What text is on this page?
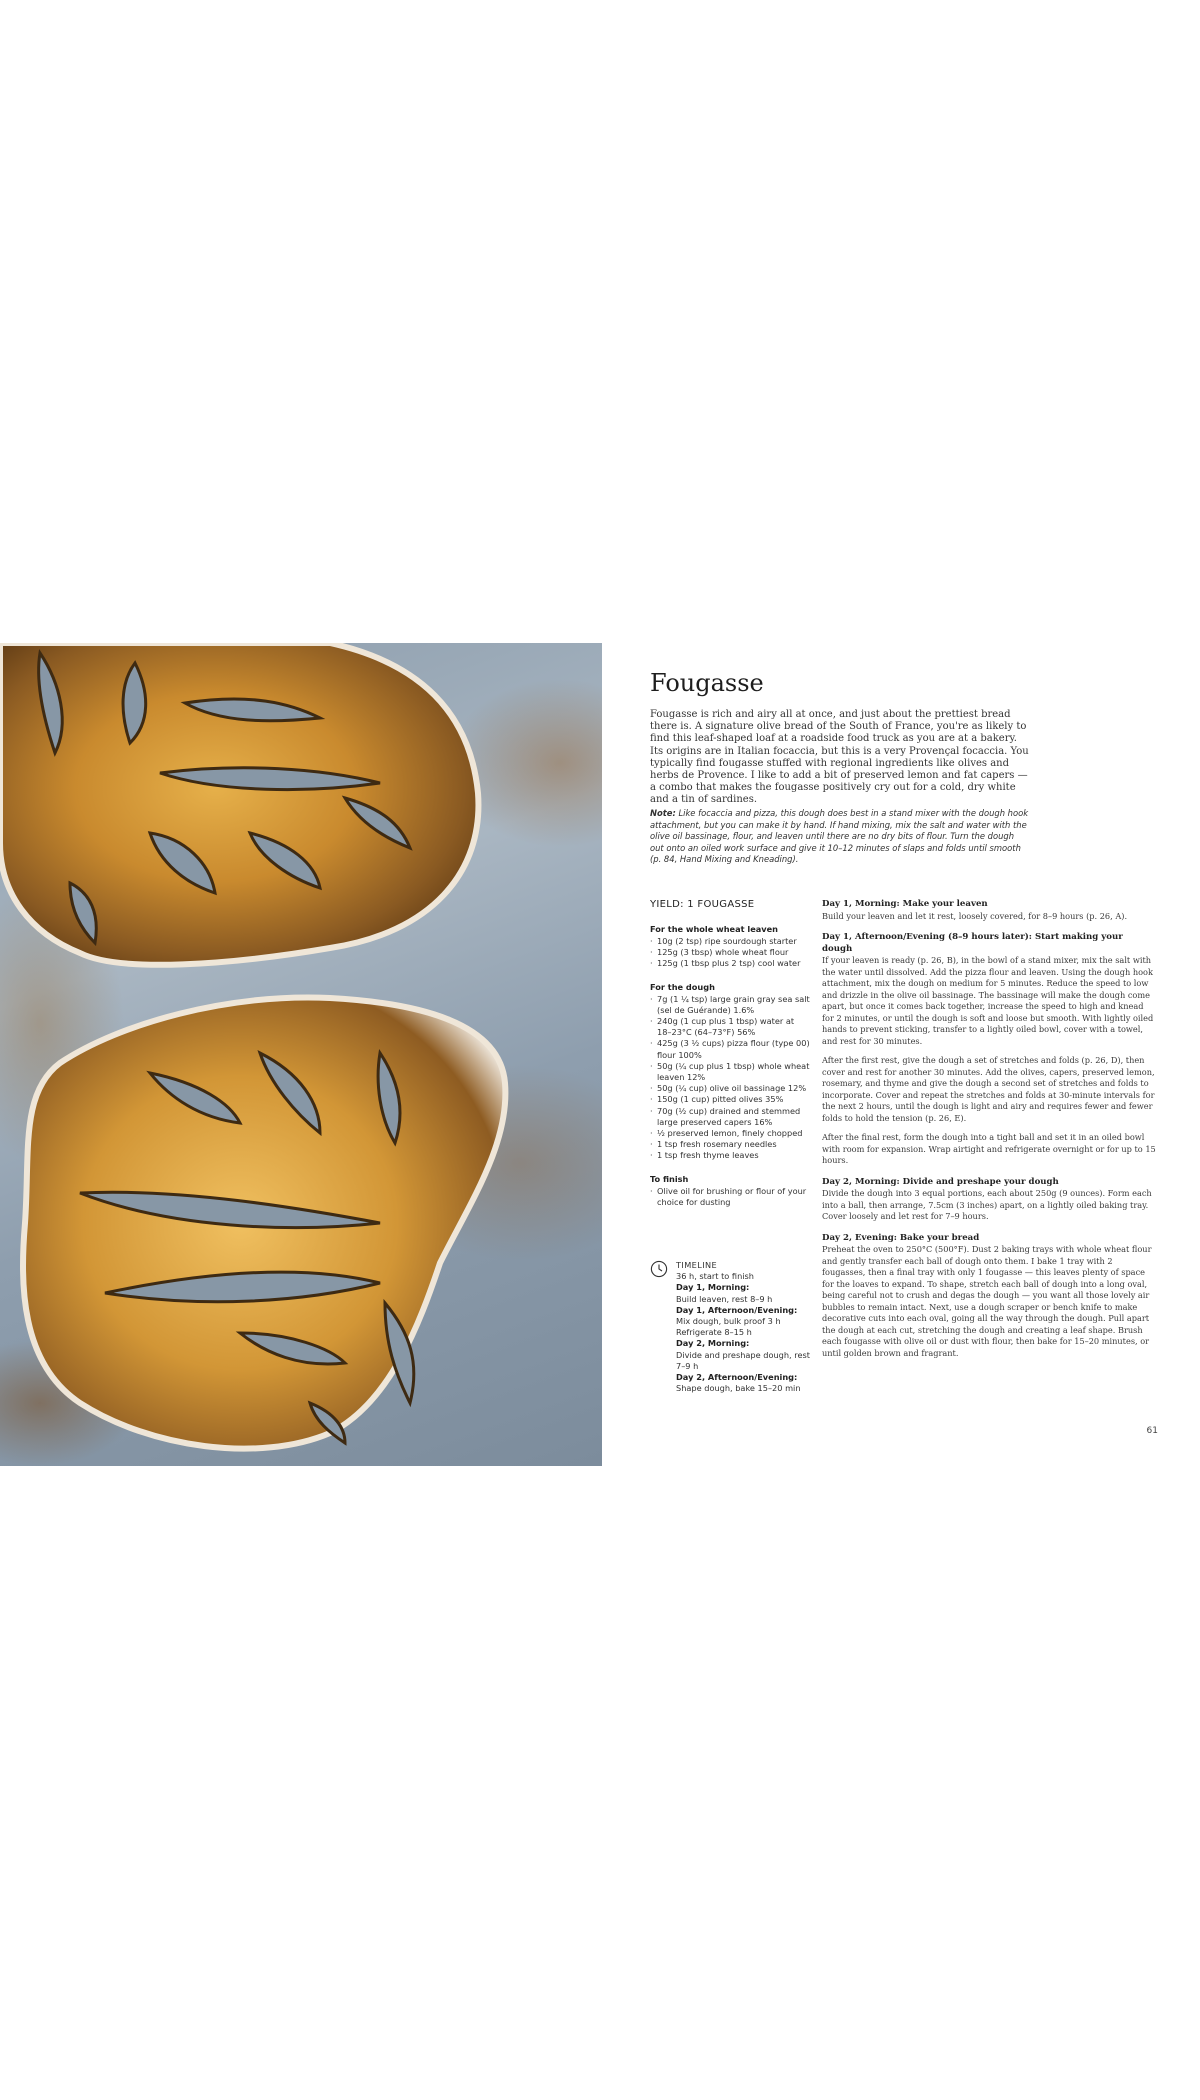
Fougasse

Fougasse is rich and airy all at once, and just about the prettiest bread there is. A signature olive bread of the South of France, you're as likely to find this leaf-shaped loaf at a roadside food truck as you are at a bakery. Its origins are in Italian focaccia, but this is a very Provençal focaccia. You typically find fougasse stuffed with regional ingredients like olives and herbs de Provence. I like to add a bit of preserved lemon and fat capers — a combo that makes the fougasse positively cry out for a cold, dry white and a tin of sardines.

Note: Like focaccia and pizza, this dough does best in a stand mixer with the dough hook attachment, but you can make it by hand. If hand mixing, mix the salt and water with the olive oil bassinage, flour, and leaven until there are no dry bits of flour. Turn the dough out onto an oiled work surface and give it 10–12 minutes of slaps and folds until smooth (p. 84, Hand Mixing and Kneading).

YIELD: 1 FOUGASSE

For the whole wheat leaven
· 10g (2 tsp) ripe sourdough starter
· 125g (3 tbsp) whole wheat flour
· 125g (1 tbsp plus 2 tsp) cool water
For the dough
· 7g (1 ¼ tsp) large grain gray sea salt (sel de Guérande) 1.6%
· 240g (1 cup plus 1 tbsp) water at 18–23°C (64–73°F) 56%
· 425g (3 ½ cups) pizza flour (type 00) flour 100%
· 50g (¼ cup plus 1 tbsp) whole wheat leaven 12%
· 50g (¼ cup) olive oil bassinage 12%
· 150g (1 cup) pitted olives 35%
· 70g (½ cup) drained and stemmed large preserved capers 16%
· ½ preserved lemon, finely chopped
· 1 tsp fresh rosemary needles
· 1 tsp fresh thyme leaves
To finish
· Olive oil for brushing or flour of your choice for dusting

TIMELINE

36 h, start to finish

Day 1, Morning:

Build leaven, rest 8–9 h

Day 1, Afternoon/Evening:

Mix dough, bulk proof 3 h

Refrigerate 8–15 h

Day 2, Morning:

Divide and preshape dough, rest 7–9 h

Day 2, Afternoon/Evening:

Shape dough, bake 15–20 min

Day 1, Morning: Make your leaven

Build your leaven and let it rest, loosely covered, for 8–9 hours (p. 26, A).

Day 1, Afternoon/Evening (8–9 hours later): Start making your dough

If your leaven is ready (p. 26, B), in the bowl of a stand mixer, mix the salt with the water until dissolved. Add the pizza flour and leaven. Using the dough hook attachment, mix the dough on medium for 5 minutes. Reduce the speed to low and drizzle in the olive oil bassinage. The bassinage will make the dough come apart, but once it comes back together, increase the speed to high and knead for 2 minutes, or until the dough is soft and loose but smooth. With lightly oiled hands to prevent sticking, transfer to a lightly oiled bowl, cover with a towel, and rest for 30 minutes.

After the first rest, give the dough a set of stretches and folds (p. 26, D), then cover and rest for another 30 minutes. Add the olives, capers, preserved lemon, rosemary, and thyme and give the dough a second set of stretches and folds to incorporate. Cover and repeat the stretches and folds at 30-minute intervals for the next 2 hours, until the dough is light and airy and requires fewer and fewer folds to hold the tension (p. 26, E).

After the final rest, form the dough into a tight ball and set it in an oiled bowl with room for expansion. Wrap airtight and refrigerate overnight or for up to 15 hours.

Day 2, Morning: Divide and preshape your dough

Divide the dough into 3 equal portions, each about 250g (9 ounces). Form each into a ball, then arrange, 7.5cm (3 inches) apart, on a lightly oiled baking tray. Cover loosely and let rest for 7–9 hours.

Day 2, Evening: Bake your bread

Preheat the oven to 250°C (500°F). Dust 2 baking trays with whole wheat flour and gently transfer each ball of dough onto them. I bake 1 tray with 2 fougasses, then a final tray with only 1 fougasse — this leaves plenty of space for the loaves to expand. To shape, stretch each ball of dough into a long oval, being careful not to crush and degas the dough — you want all those lovely air bubbles to remain intact. Next, use a dough scraper or bench knife to make decorative cuts into each oval, going all the way through the dough. Pull apart the dough at each cut, stretching the dough and creating a leaf shape. Brush each fougasse with olive oil or dust with flour, then bake for 15–20 minutes, or until golden brown and fragrant.

61
